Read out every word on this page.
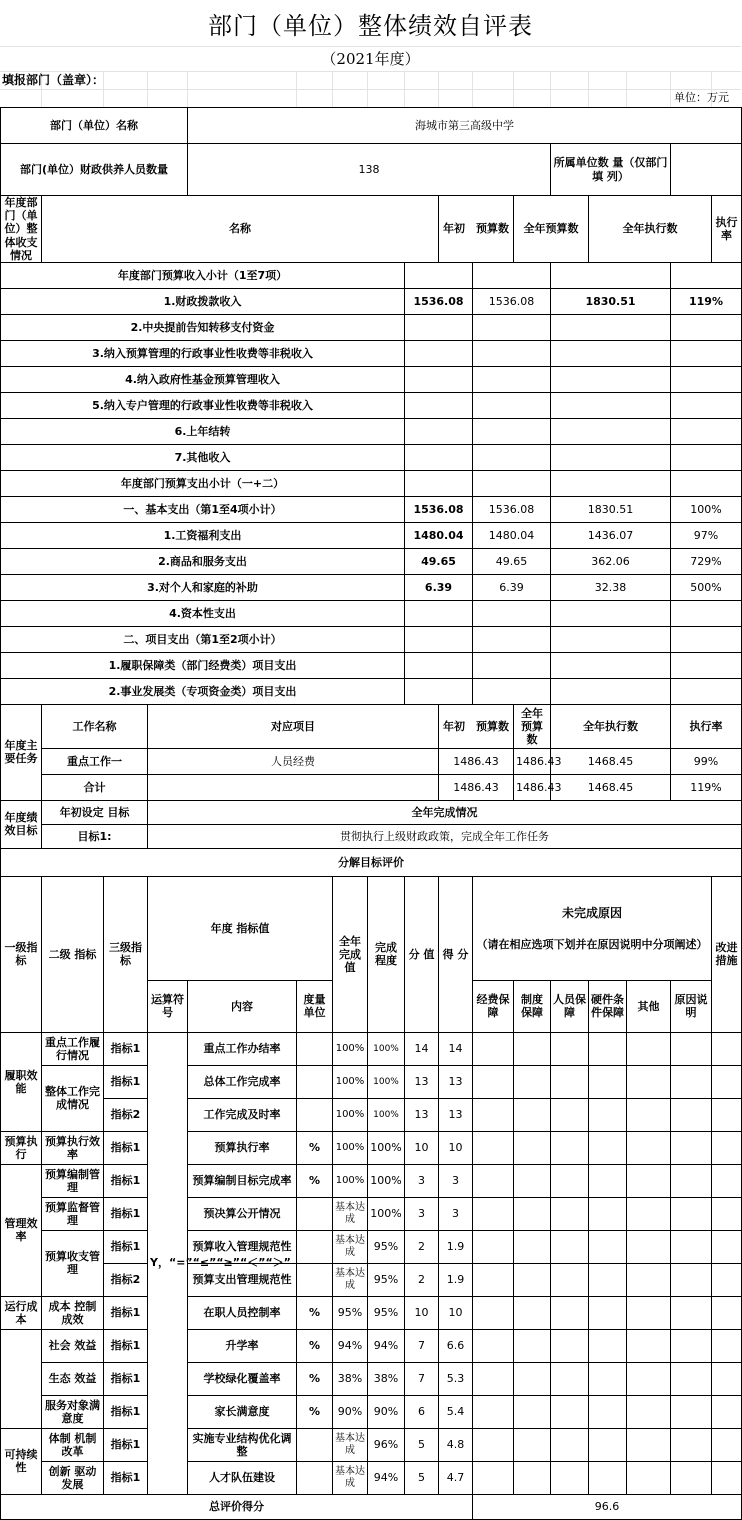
部门（单位）整体绩效自评表
（2021年度）
填报部门（盖章）：
单位：万元
部门（单位）名称				海城市第三高级中学												
部门(单位）财政供养人员数量				138								所属单位数 量（仅部门填 列）				
年度部门（单位）整 体收支情况	名称								年初　预算数		全年预算数		全年执行数			执行率
年度部门预算收入小计（1至7项）																
1.财政拨款收入								1536.08		1536.08		1830.51			119%	
2.中央提前告知转移支付资金																
3.纳入预算管理的行政事业性收费等非税收入																
4.纳入政府性基金预算管理收入																
5.纳入专户管理的行政事业性收费等非税收入																
6.上年结转																
7.其他收入																
年度部门预算支出小计（一+二）																
一、基本支出（第1至4项小计）								1536.08		1536.08		1830.51			100%	
1.工资福利支出								1480.04		1480.04		1436.07			97%	
2.商品和服务支出								49.65		49.65		362.06			729%	
3.对个人和家庭的补助								6.39		6.39		32.38			500%	
4.资本性支出																
二、项目支出（第1至2项小计）																
1.履职保障类（部门经费类）项目支出																
2.事业发展类（专项资金类）项目支出																
年度主要任务	工作名称		对应项目						年初　预算数		全年预算数	全年执行数			执行率	
	重点工作一		人员经费						1486.43		1486.43	1468.45			99%	
	合计								1486.43		1486.43	1468.45			119%	
年度绩效目标	年初设定 目标		全年完成情况													
	目标1:		贯彻执行上级财政政策，完成全年工作任务													
分解目标评价																
一级指标	二级 指标	三级指标	年度 指标值			全年完成值	完成程度	分 值	得 分	未完成原因
（请在相应选项下划并在原因说明中分项阐述）						改进措施
			运算符号	内容	度量单位					经费保障	制度保障	人员保障	硬件条件保障	其他	原因说明	
履职效能	重点工作履行情况	指标1	Y，“=”“≤”“≥”“＜”“＞”	重点工作办结率		100%	100%	14	14							
	整体工作完成情况	指标1		总体工作完成率		100%	100%	13	13							
		指标2		工作完成及时率		100%	100%	13	13							
预算执行	预算执行效率	指标1		预算执行率	%	100%	100%	10	10							
管理效率	预算编制管理	指标1		预算编制目标完成率	%	100%	100%	3	3							
	预算监督管理	指标1		预决算公开情况		基本达成	100%	3	3							
	预算收支管理	指标1		预算收入管理规范性		基本达成	95%	2	1.9							
		指标2		预算支出管理规范性		基本达成	95%	2	1.9							
运行成本	成本 控制 成效	指标1		在职人员控制率	%	95%	95%	10	10							
	社会 效益	指标1		升学率	%	94%	94%	7	6.6							
	生态 效益	指标1		学校绿化覆盖率	%	38%	38%	7	5.3							
	服务对象满意度	指标1		家长满意度	%	90%	90%	6	5.4							
可持续性	体制 机制 改革	指标1		实施专业结构优化调整		基本达成	96%	5	4.8							
	创新 驱动 发展	指标1		人才队伍建设		基本达成	94%	5	4.7							
总评价得分										96.6						
